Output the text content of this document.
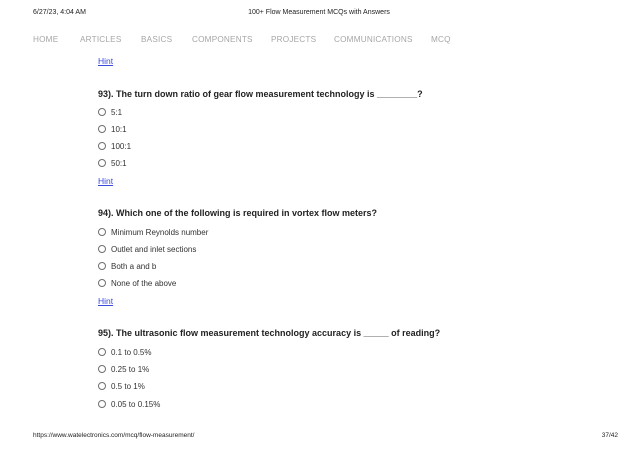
6/27/23, 4:04 AM	100+ Flow Measurement MCQs with Answers
HOME	ARTICLES BASICS COMPONENTS PROJECTS COMMUNICATIONS MCQ
Hint
93). The turn down ratio of gear flow measurement technology is ________?
5:1
10:1
100:1
50:1
Hint
94). Which one of the following is required in vortex flow meters?
Minimum Reynolds number
Outlet and inlet sections
Both a and b
None of the above
Hint
95). The ultrasonic flow measurement technology accuracy is _____ of reading?
0.1 to 0.5%
0.25 to 1%
0.5 to 1%
0.05 to 0.15%
https://www.watelectronics.com/mcq/flow-measurement/	37/42
